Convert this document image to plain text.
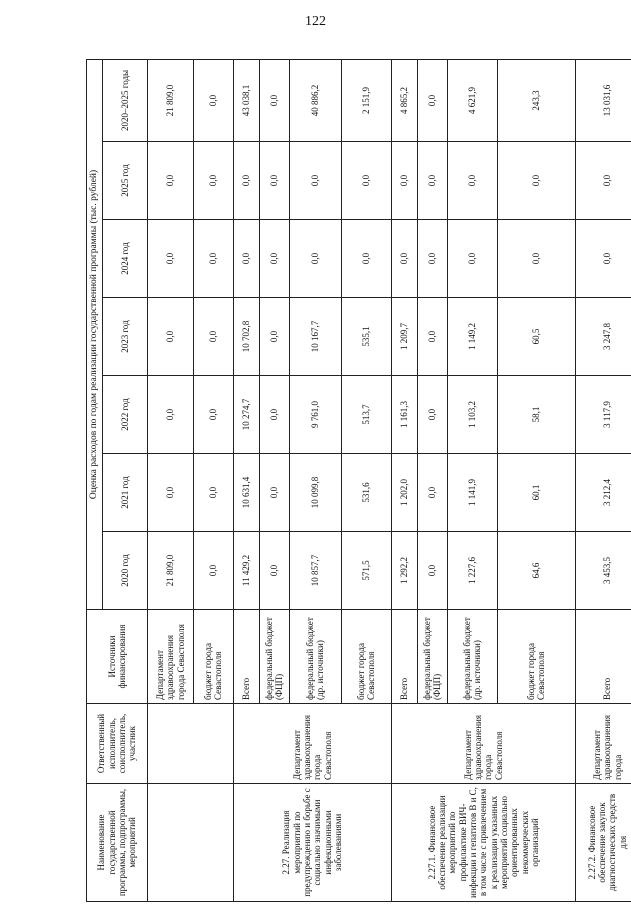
122
Наименование государственной программы, подпрограммы, мероприятий	Ответственный исполнитель, соисполнитель, участник	Источники финансирования	Оценка расходов по годам реализации государственной программы (тыс. рублей)						
			2020 год	2021 год	2022 год	2023 год	2024 год	2025 год	2020–2025 годы
		Департамент здравоохранения города Севастополя	21 809,0	0,0	0,0	0,0	0,0	0,0	21 809,0
		бюджет города Севастополя	0,0	0,0	0,0	0,0	0,0	0,0	0,0
2.27. Реализация мероприятий по предупреждению и борьбе с социально значимыми инфекционными заболеваниями	Департамент здравоохранения города Севастополя	Всего	11 429,2	10 631,4	10 274,7	10 702,8	0,0	0,0	43 038,1
		федеральный бюджет (ФЦП)	0,0	0,0	0,0	0,0	0,0	0,0	0,0
		федеральный бюджет (др. источники)	10 857,7	10 099,8	9 761,0	10 167,7	0,0	0,0	40 886,2
		бюджет города Севастополя	571,5	531,6	513,7	535,1	0,0	0,0	2 151,9
2.27.1. Финансовое обеспечение реализации мероприятий по профилактике ВИЧ-инфекции и гепатитов В и С, в том числе с привлечением к реализации указанных мероприятий социально ориентированных некоммерческих организаций	Департамент здравоохранения города Севастополя	Всего	1 292,2	1 202,0	1 161,3	1 209,7	0,0	0,0	4 865,2
		федеральный бюджет (ФЦП)	0,0	0,0	0,0	0,0	0,0	0,0	0,0
		федеральный бюджет (др. источники)	1 227,6	1 141,9	1 103,2	1 149,2	0,0	0,0	4 621,9
		бюджет города Севастополя	64,6	60,1	58,1	60,5	0,0	0,0	243,3
2.27.2. Финансовое обеспечение закупок диагностических средств для	Департамент здравоохранения города	Всего	3 453,5	3 212,4	3 117,9	3 247,8	0,0	0,0	13 031,6
